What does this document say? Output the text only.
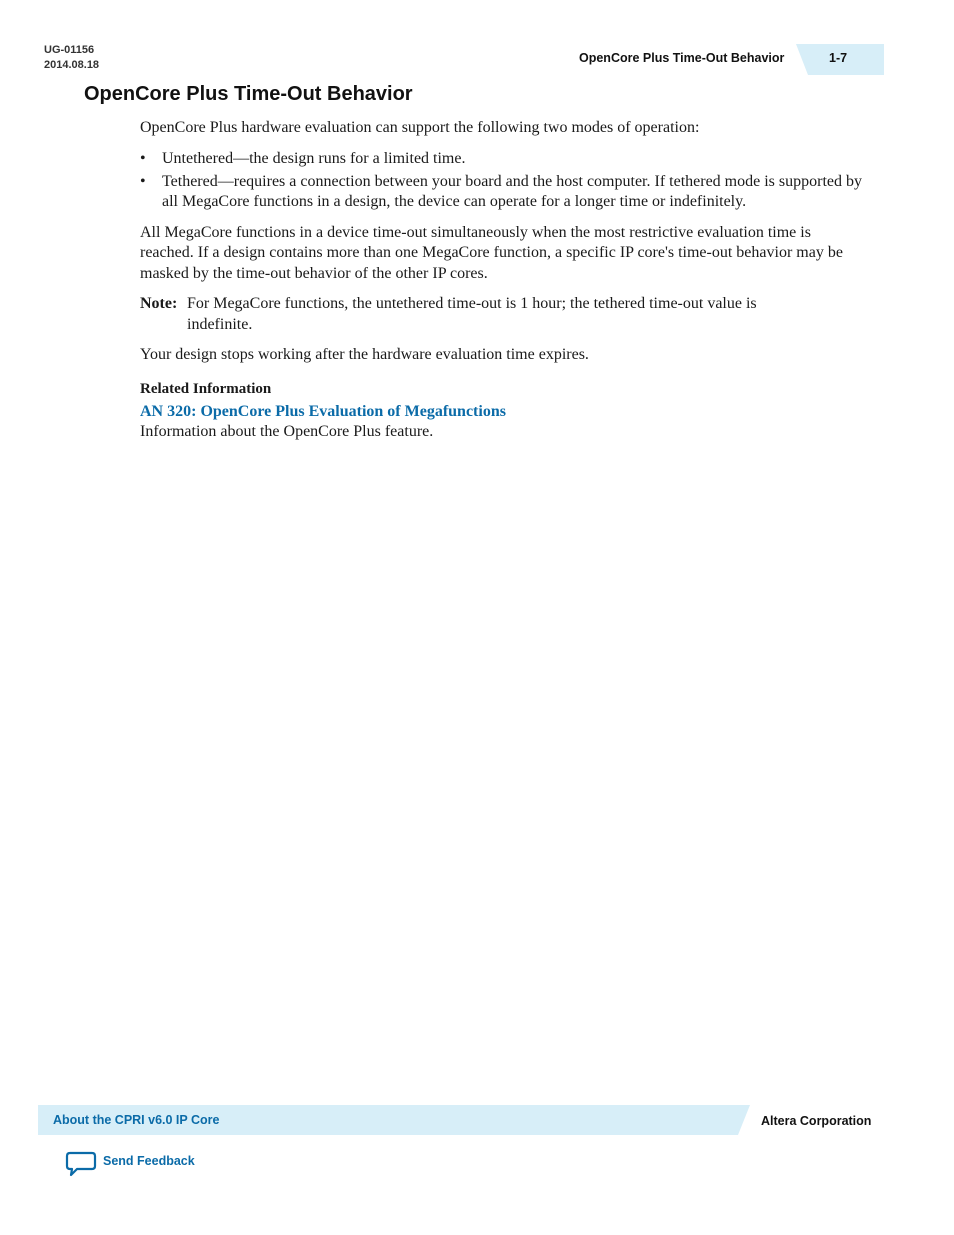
UG-01156
2014.08.18	OpenCore Plus Time-Out Behavior	1-7
OpenCore Plus Time-Out Behavior

OpenCore Plus hardware evaluation can support the following two modes of operation:

• Untethered—the design runs for a limited time.
• Tethered—requires a connection between your board and the host computer. If tethered mode is supported by all MegaCore functions in a design, the device can operate for a longer time or indefinitely.

All MegaCore functions in a device time-out simultaneously when the most restrictive evaluation time is reached. If a design contains more than one MegaCore function, a specific IP core's time-out behavior may be masked by the time-out behavior of the other IP cores.

Note: For MegaCore functions, the untethered time-out is 1 hour; the tethered time-out value is indefinite.

Your design stops working after the hardware evaluation time expires.

Related Information

AN 320: OpenCore Plus Evaluation of Megafunctions

Information about the OpenCore Plus feature.

About the CPRI v6.0 IP Core	Altera Corporation
Send Feedback
